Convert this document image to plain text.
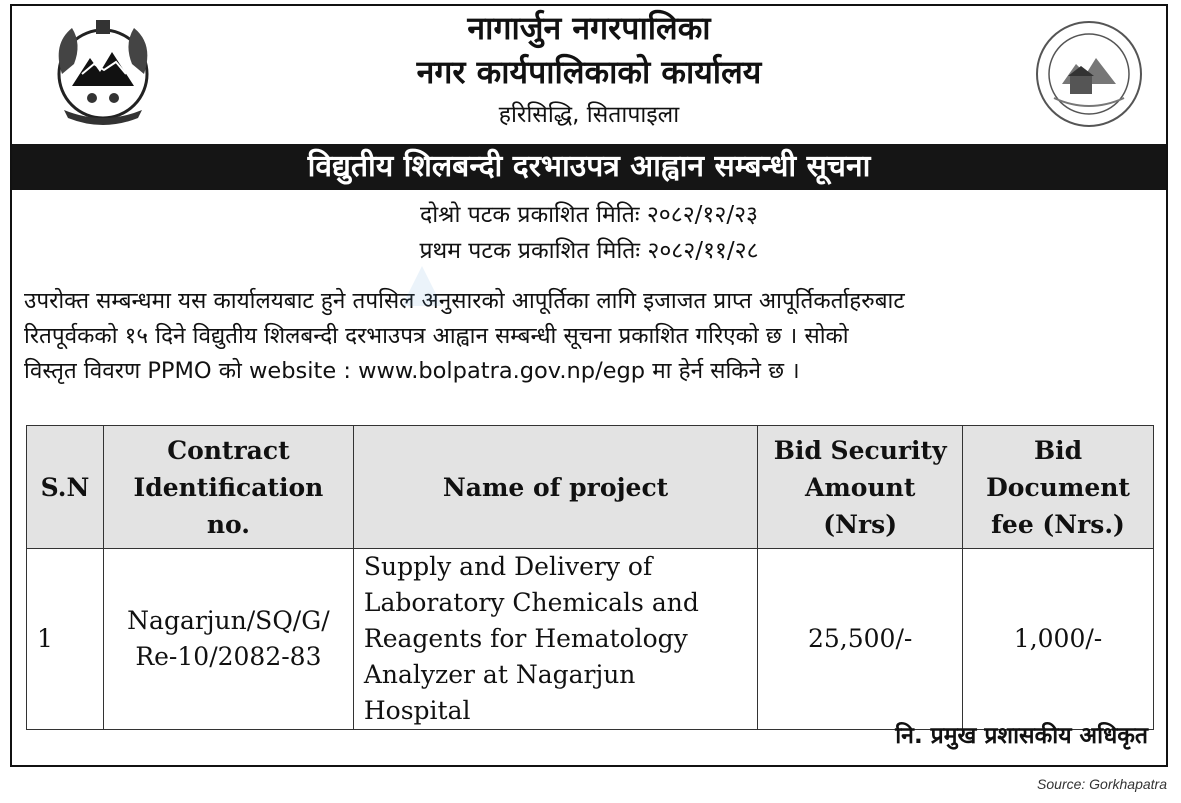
नागार्जुन नगरपालिका
नगर कार्यपालिकाको कार्यालय
हरिसिद्धि, सितापाइला
विद्युतीय शिलबन्दी दरभाउपत्र आह्वान सम्बन्धी सूचना
दोश्रो पटक प्रकाशित मितिः २०८२/१२/२३
प्रथम पटक प्रकाशित मितिः २०८२/११/२८
उपरोक्त सम्बन्धमा यस कार्यालयबाट हुने तपसिल अनुसारको आपूर्तिका लागि इजाजत प्राप्त आपूर्तिकर्ताहरुबाट
रितपूर्वकको १५ दिने विद्युतीय शिलबन्दी दरभाउपत्र आह्वान सम्बन्धी सूचना प्रकाशित गरिएको छ । सोको
विस्तृत विवरण PPMO को website : www.bolpatra.gov.np/egp मा हेर्न सकिने छ ।
S.N	Contract Identification no.	Name of project	Bid Security Amount (Nrs)	Bid Document fee (Nrs.)
1	Nagarjun/SQ/G/ Re-10/2082-83	Supply and Delivery of Laboratory Chemicals and Reagents for Hematology Analyzer at Nagarjun Hospital	25,500/-	1,000/-
नि. प्रमुख प्रशासकीय अधिकृत
Source: Gorkhapatra
